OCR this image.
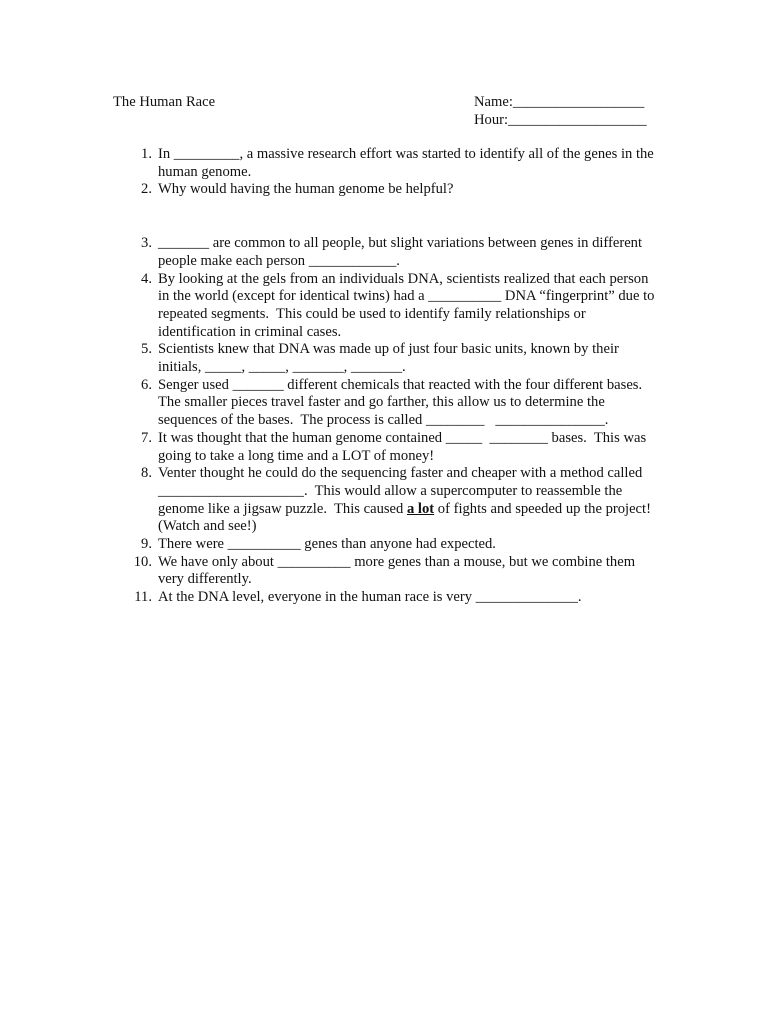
The Human Race	Name:__________________
Hour:___________________
1. In _________, a massive research effort was started to identify all of the genes in the human genome.
2. Why would having the human genome be helpful?
3. _______ are common to all people, but slight variations between genes in different people make each person ____________.
4. By looking at the gels from an individuals DNA, scientists realized that each person in the world (except for identical twins) had a __________ DNA “fingerprint” due to repeated segments.  This could be used to identify family relationships or identification in criminal cases.
5. Scientists knew that DNA was made up of just four basic units, known by their initials, _____, _____, _______, _______.
6. Senger used _______ different chemicals that reacted with the four different bases.  The smaller pieces travel faster and go farther, this allow us to determine the sequences of the bases.  The process is called ________   _______________.
7. It was thought that the human genome contained _____  ________ bases.  This was going to take a long time and a LOT of money!
8. Venter thought he could do the sequencing faster and cheaper with a method called ____________________.  This would allow a supercomputer to reassemble the genome like a jigsaw puzzle.  This caused a lot of fights and speeded up the project! (Watch and see!)
9. There were __________ genes than anyone had expected.
10. We have only about __________ more genes than a mouse, but we combine them very differently.
11. At the DNA level, everyone in the human race is very ______________.
